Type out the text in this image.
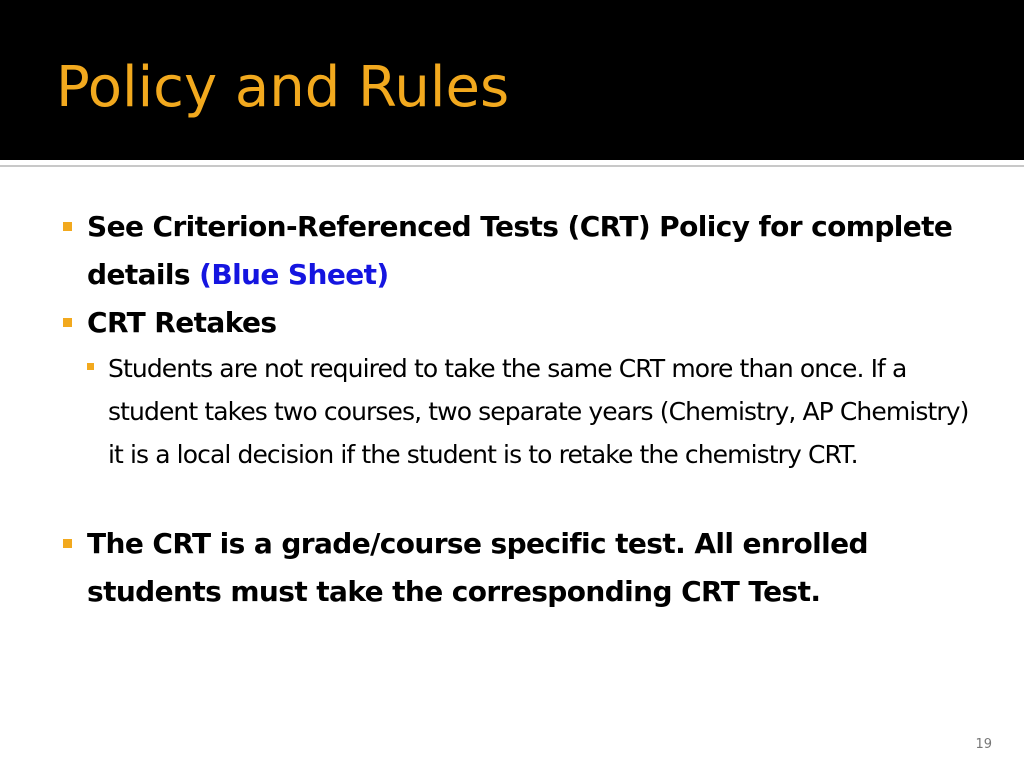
Policy and Rules
See Criterion-Referenced Tests (CRT) Policy for complete details (Blue Sheet)
CRT Retakes
Students are not required to take the same CRT more than once. If a student takes two courses, two separate years (Chemistry, AP Chemistry) it is a local decision if the student is to retake the chemistry CRT.
The CRT is a grade/course specific test. All enrolled students must take the corresponding CRT Test.
19
